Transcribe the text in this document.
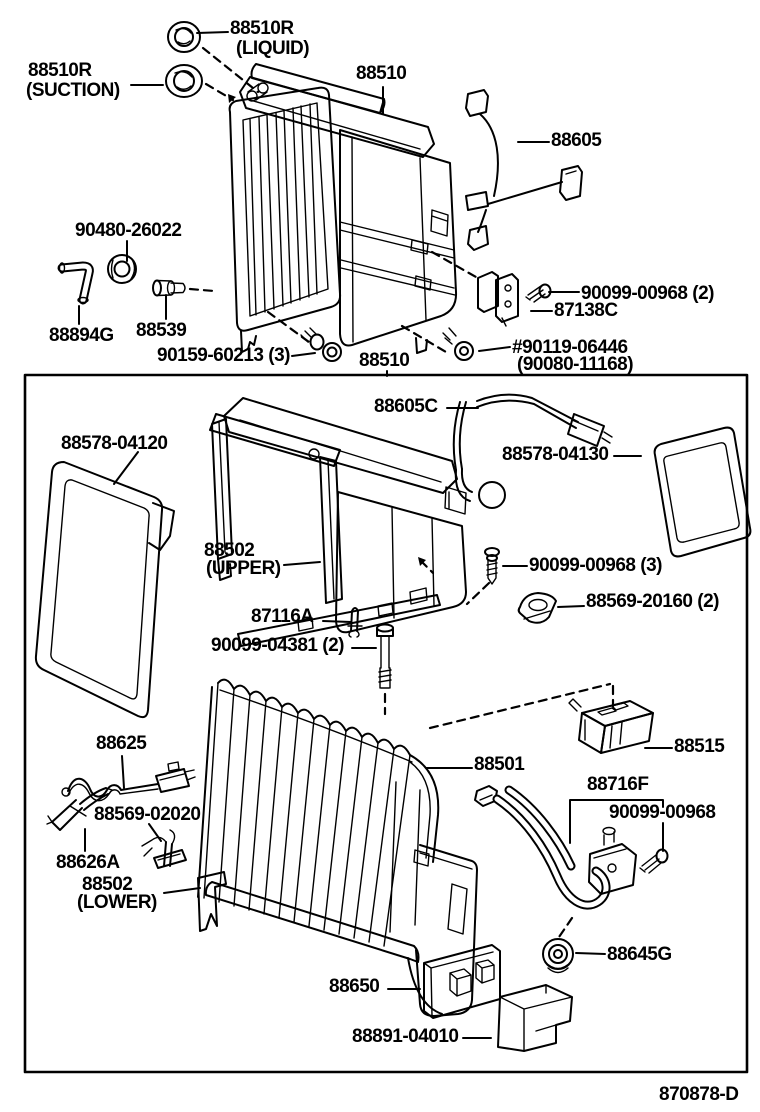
88510R
(LIQUID)
88510R
(SUCTION)
88510
88605
90099-00968 (2)
87138C
#90119-06446
(90080-11168)
90480-26022
88894G 88539
90159-60213 (3)	88510
88605C
88578-04130
88578-04120
88502
(UPPER)	90099-00968 (3)
88569-20160 (2)
87116A
90099-04381 (2)
88625
88569-02020
88626A
88502
(LOWER)
88501
88515
88716F
90099-00968
88645G
88650
88891-04010
870878-D
